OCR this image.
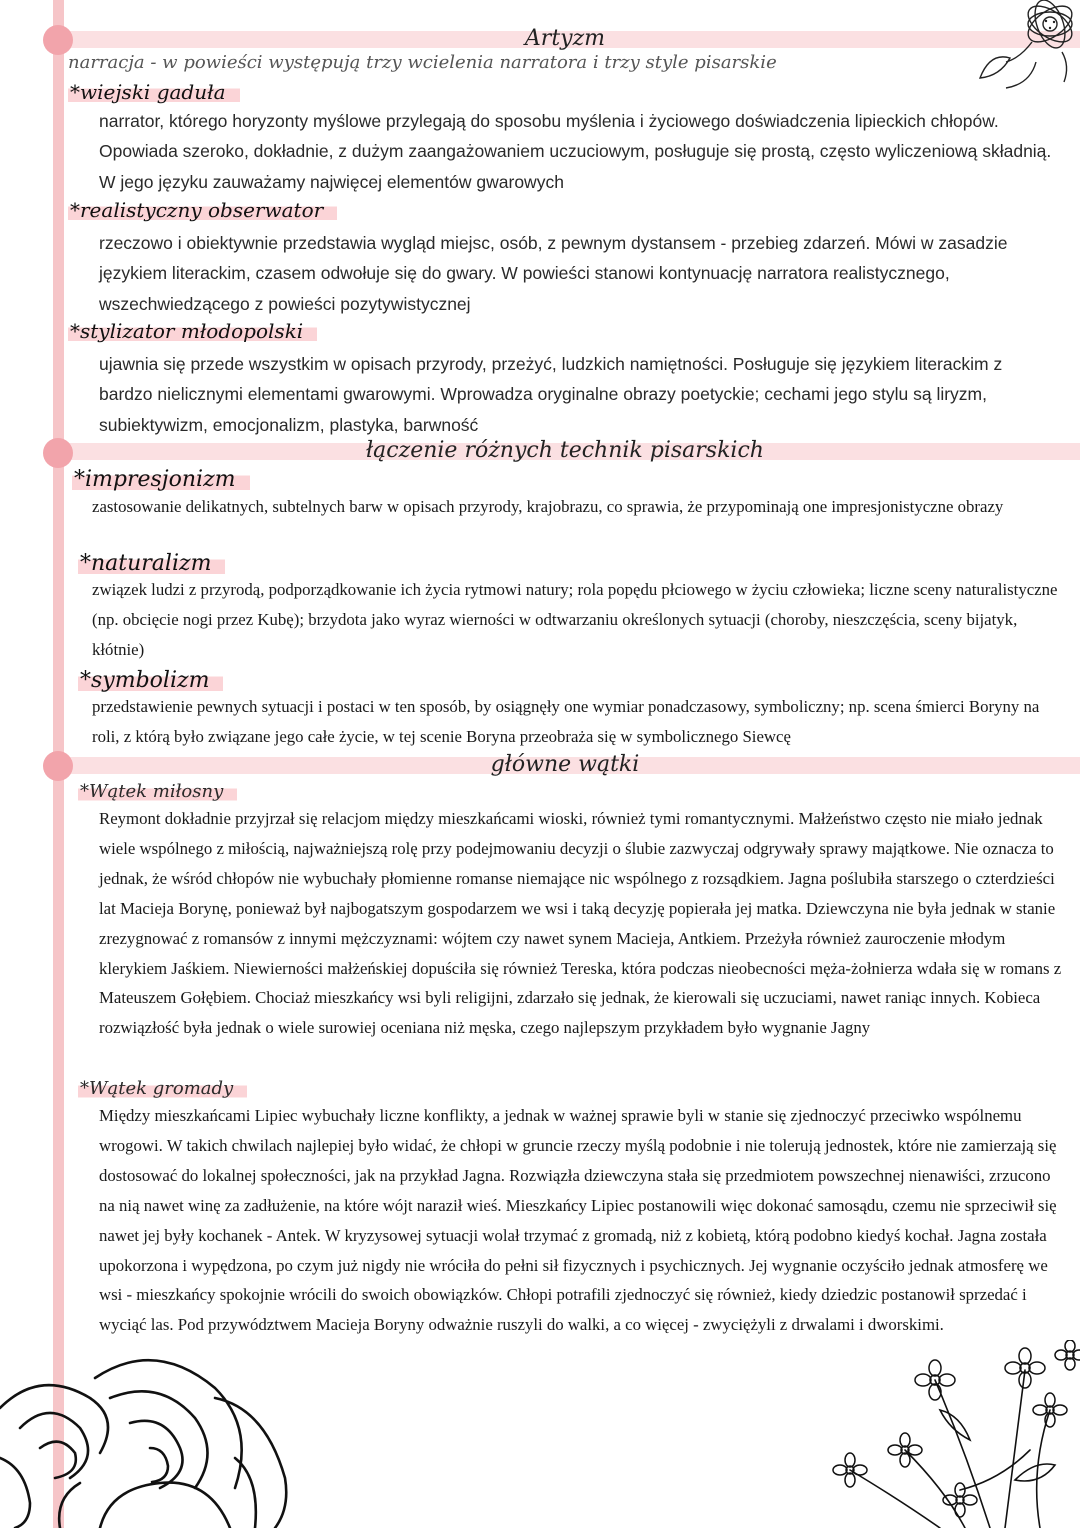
Artyzm
łączenie różnych technik pisarskich
główne wątki

narracja - w powieści występują trzy wcielenia narratora i trzy style pisarskie

*wiejski gaduła

narrator, którego horyzonty myślowe przylegają do sposobu myślenia i życiowego doświadczenia lipieckich chłopów. Opowiada szeroko, dokładnie, z dużym zaangażowaniem uczuciowym, posługuje się prostą, często wyliczeniową składnią. W jego języku zauważamy najwięcej elementów gwarowych

*realistyczny obserwator

rzeczowo i obiektywnie przedstawia wygląd miejsc, osób, z pewnym dystansem - przebieg zdarzeń. Mówi w zasadzie językiem literackim, czasem odwołuje się do gwary. W powieści stanowi kontynuację narratora realistycznego, wszechwiedzącego z powieści pozytywistycznej

*stylizator młodopolski

ujawnia się przede wszystkim w opisach przyrody, przeżyć, ludzkich namiętności. Posługuje się językiem literackim z bardzo nielicznymi elementami gwarowymi. Wprowadza oryginalne obrazy poetyckie; cechami jego stylu są liryzm, subiektywizm, emocjonalizm, plastyka, barwność

*impresjonizm

zastosowanie delikatnych, subtelnych barw w opisach przyrody, krajobrazu, co sprawia, że przypominają one impresjonistyczne obrazy

*naturalizm

związek ludzi z przyrodą, podporządkowanie ich życia rytmowi natury; rola popędu płciowego w życiu człowieka; liczne sceny naturalistyczne (np. obcięcie nogi przez Kubę); brzydota jako wyraz wierności w odtwarzaniu określonych sytuacji (choroby, nieszczęścia, sceny bijatyk, kłótnie)

*symbolizm

przedstawienie pewnych sytuacji i postaci w ten sposób, by osiągnęły one wymiar ponadczasowy, symboliczny; np. scena śmierci Boryny na roli, z którą było związane jego całe życie, w tej scenie Boryna przeobraża się w symbolicznego Siewcę

*Wątek miłosny

Reymont dokładnie przyjrzał się relacjom między mieszkańcami wioski, również tymi romantycznymi. Małżeństwo często nie miało jednak wiele wspólnego z miłością, najważniejszą rolę przy podejmowaniu decyzji o ślubie zazwyczaj odgrywały sprawy majątkowe. Nie oznacza to jednak, że wśród chłopów nie wybuchały płomienne romanse niemające nic wspólnego z rozsądkiem. Jagna poślubiła starszego o czterdzieści lat Macieja Borynę, ponieważ był najbogatszym gospodarzem we wsi i taką decyzję popierała jej matka. Dziewczyna nie była jednak w stanie zrezygnować z romansów z innymi mężczyznami: wójtem czy nawet synem Macieja, Antkiem. Przeżyła również zauroczenie młodym klerykiem Jaśkiem. Niewierności małżeńskiej dopuściła się również Tereska, która podczas nieobecności męża-żołnierza wdała się w romans z Mateuszem Gołębiem. Chociaż mieszkańcy wsi byli religijni, zdarzało się jednak, że kierowali się uczuciami, nawet raniąc innych. Kobieca rozwiązłość była jednak o wiele surowiej oceniana niż męska, czego najlepszym przykładem było wygnanie Jagny

*Wątek gromady

Między mieszkańcami Lipiec wybuchały liczne konflikty, a jednak w ważnej sprawie byli w stanie się zjednoczyć przeciwko wspólnemu wrogowi. W takich chwilach najlepiej było widać, że chłopi w gruncie rzeczy myślą podobnie i nie tolerują jednostek, które nie zamierzają się dostosować do lokalnej społeczności, jak na przykład Jagna. Rozwiązła dziewczyna stała się przedmiotem powszechnej nienawiści, zrzucono na nią nawet winę za zadłużenie, na które wójt naraził wieś. Mieszkańcy Lipiec postanowili więc dokonać samosądu, czemu nie sprzeciwił się nawet jej były kochanek - Antek. W kryzysowej sytuacji wolał trzymać z gromadą, niż z kobietą, którą podobno kiedyś kochał. Jagna została upokorzona i wypędzona, po czym już nigdy nie wróciła do pełni sił fizycznych i psychicznych. Jej wygnanie oczyściło jednak atmosferę we wsi - mieszkańcy spokojnie wrócili do swoich obowiązków. Chłopi potrafili zjednoczyć się również, kiedy dziedzic postanowił sprzedać i wyciąć las. Pod przywództwem Macieja Boryny odważnie ruszyli do walki, a co więcej - zwyciężyli z drwalami i dworskimi.
